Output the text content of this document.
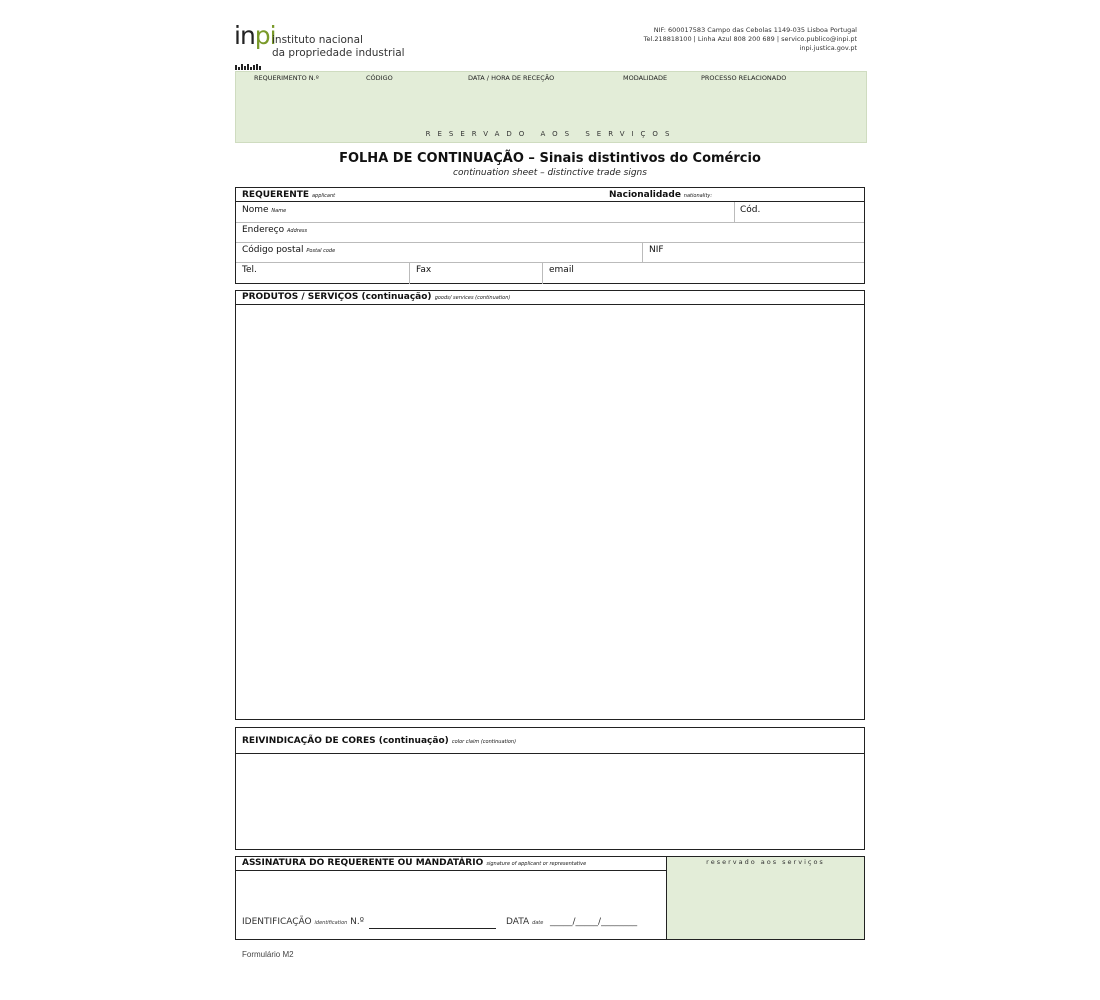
inpi
instituto nacional
da propriedade industrial
NIF: 600017583 Campo das Cebolas 1149-035 Lisboa Portugal
Tel.218818100 | Linha Azul 808 200 689 | servico.publico@inpi.pt
inpi.justica.gov.pt
REQUERIMENTO N.º	CÓDIGO	DATA / HORA DE RECEÇÃO	MODALIDADE	PROCESSO RELACIONADO
RESERVADO AOS SERVIÇOS
FOLHA DE CONTINUAÇÃO – Sinais distintivos do Comércio
continuation sheet – distinctive trade signs
REQUERENTE applicant	Nacionalidade nationality:
Nome Name	Cód.
Endereço Address
Código postal Postal code	NIF
Tel.	Fax	email
PRODUTOS / SERVIÇOS (continuação) goods/ services (continuation)
REIVINDICAÇÃO DE CORES (continuação) color claim (continuation)
ASSINATURA DO REQUERENTE OU MANDATÁRIO signature of applicant or representative
IDENTIFICAÇÃO identification N.º	DATA date _____/_____/________
reservado aos serviços
Formulário M2
